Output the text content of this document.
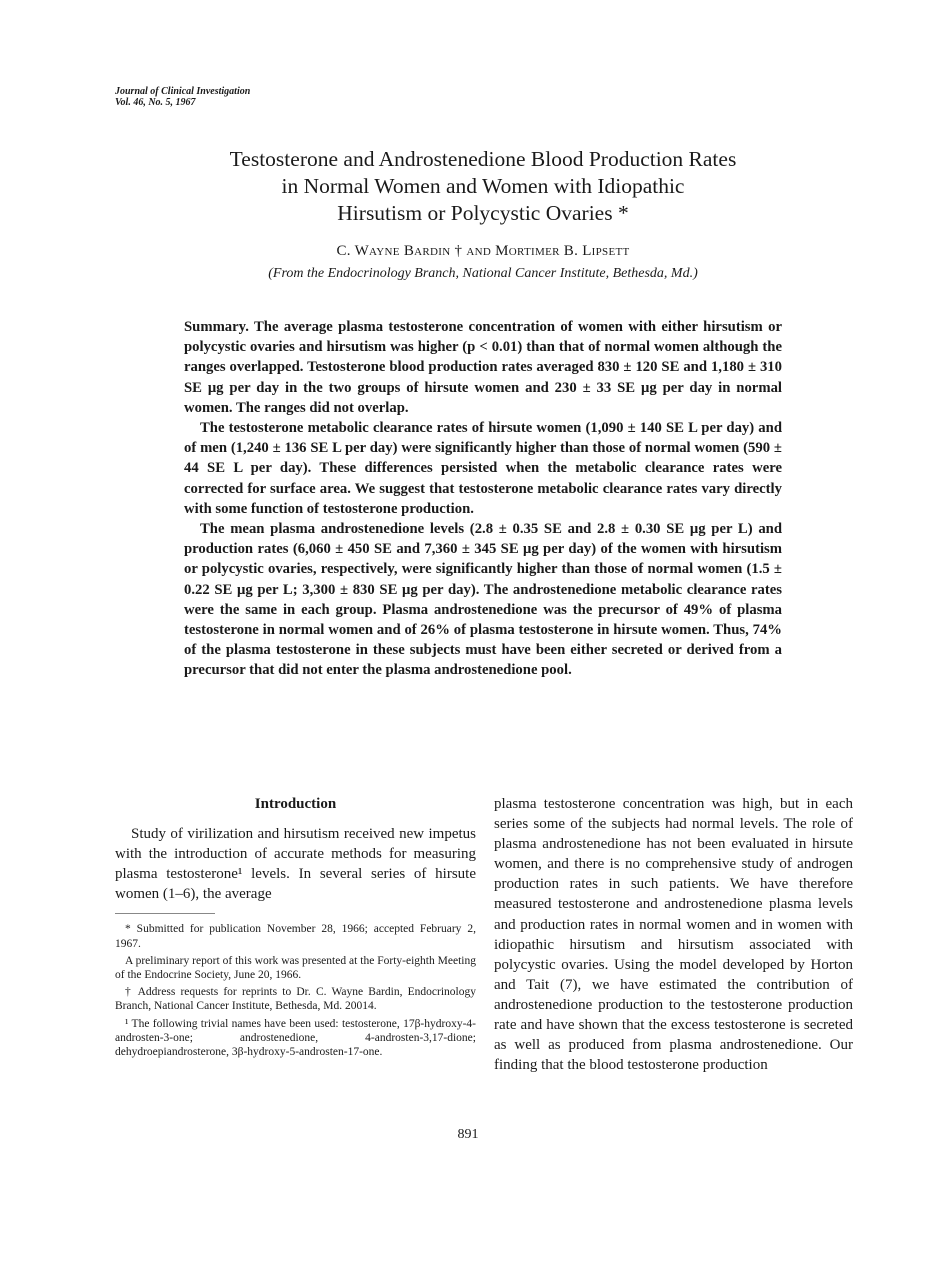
Journal of Clinical Investigation
Vol. 46, No. 5, 1967
Testosterone and Androstenedione Blood Production Rates
in Normal Women and Women with Idiopathic
Hirsutism or Polycystic Ovaries *
C. Wayne Bardin † and Mortimer B. Lipsett
(From the Endocrinology Branch, National Cancer Institute, Bethesda, Md.)

Summary. The average plasma testosterone concentration of women with either hirsutism or polycystic ovaries and hirsutism was higher (p < 0.01) than that of normal women although the ranges overlapped. Testosterone blood production rates averaged 830 ± 120 SE and 1,180 ± 310 SE μg per day in the two groups of hirsute women and 230 ± 33 SE μg per day in normal women. The ranges did not overlap.

The testosterone metabolic clearance rates of hirsute women (1,090 ± 140 SE L per day) and of men (1,240 ± 136 SE L per day) were significantly higher than those of normal women (590 ± 44 SE L per day). These differences persisted when the metabolic clearance rates were corrected for surface area. We suggest that testosterone metabolic clearance rates vary directly with some function of testosterone production.

The mean plasma androstenedione levels (2.8 ± 0.35 SE and 2.8 ± 0.30 SE μg per L) and production rates (6,060 ± 450 SE and 7,360 ± 345 SE μg per day) of the women with hirsutism or polycystic ovaries, respectively, were significantly higher than those of normal women (1.5 ± 0.22 SE μg per L; 3,300 ± 830 SE μg per day). The androstenedione metabolic clearance rates were the same in each group. Plasma androstenedione was the precursor of 49% of plasma testosterone in normal women and of 26% of plasma testosterone in hirsute women. Thus, 74% of the plasma testosterone in these subjects must have been either secreted or derived from a precursor that did not enter the plasma androstenedione pool.

Introduction

Study of virilization and hirsutism received new impetus with the introduction of accurate methods for measuring plasma testosterone¹ levels. In several series of hirsute women (1–6), the average

* Submitted for publication November 28, 1966; accepted February 2, 1967.

A preliminary report of this work was presented at the Forty-eighth Meeting of the Endocrine Society, June 20, 1966.

† Address requests for reprints to Dr. C. Wayne Bardin, Endocrinology Branch, National Cancer Institute, Bethesda, Md. 20014.

¹ The following trivial names have been used: testosterone, 17β-hydroxy-4-androsten-3-one; androstenedione, 4-androsten-3,17-dione; dehydroepiandrosterone, 3β-hydroxy-5-androsten-17-one.

plasma testosterone concentration was high, but in each series some of the subjects had normal levels. The role of plasma androstenedione has not been evaluated in hirsute women, and there is no comprehensive study of androgen production rates in such patients. We have therefore measured testosterone and androstenedione plasma levels and production rates in normal women and in women with idiopathic hirsutism and hirsutism associated with polycystic ovaries. Using the model developed by Horton and Tait (7), we have estimated the contribution of androstenedione production to the testosterone production rate and have shown that the excess testosterone is secreted as well as produced from plasma androstenedione. Our finding that the blood testosterone production

891
